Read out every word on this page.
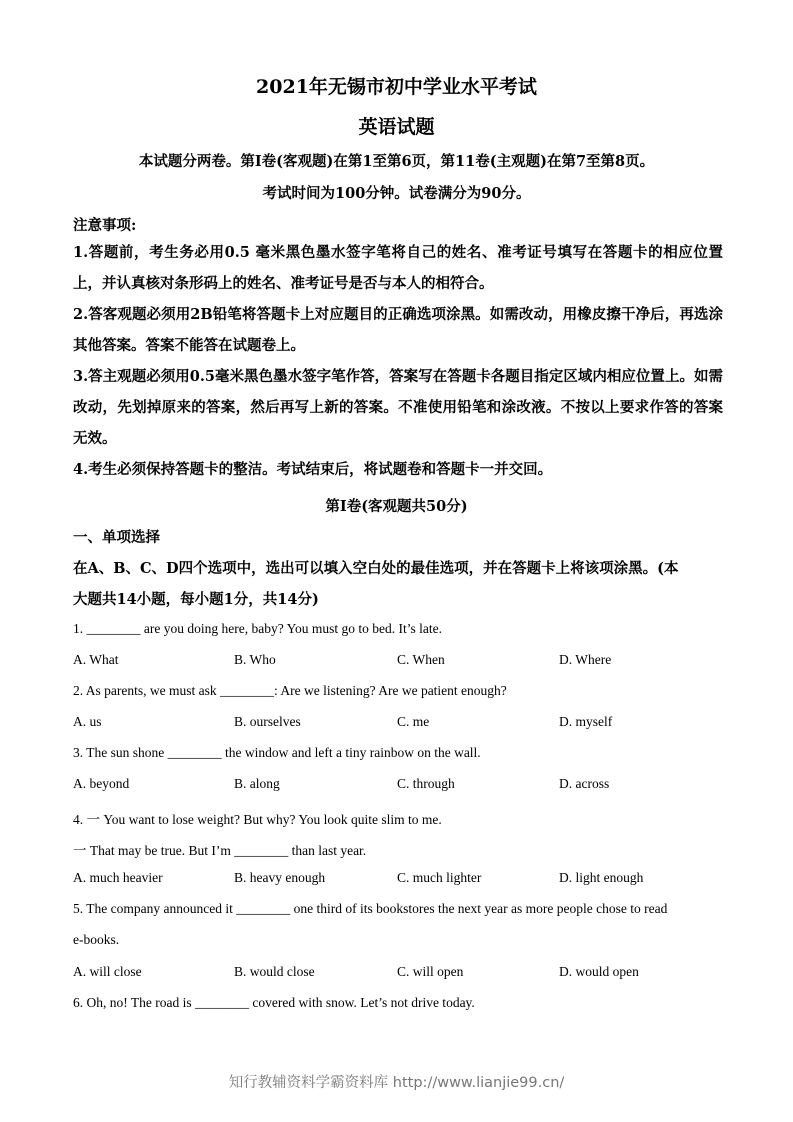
2021年无锡市初中学业水平考试
英语试题
本试题分两卷。第I卷(客观题)在第1至第6页，第11卷(主观题)在第7至第8页。
考试时间为100分钟。试卷满分为90分。
注意事项:

1.答题前，考生务必用0.5 毫米黑色墨水签字笔将自己的姓名、准考证号填写在答题卡的相应位置上，并认真核对条形码上的姓名、准考证号是否与本人的相符合。

2.答客观题必须用2B铅笔将答题卡上对应题目的正确选项涂黑。如需改动，用橡皮擦干净后，再选涂其他答案。答案不能答在试题卷上。

3.答主观题必须用0.5毫米黑色墨水签字笔作答，答案写在答题卡各题目指定区域内相应位置上。如需改动，先划掉原来的答案，然后再写上新的答案。不准使用铅笔和涂改液。不按以上要求作答的答案无效。

4.考生必须保持答题卡的整洁。考试结束后，将试题卷和答题卡一并交回。

第I卷(客观题共50分)
一、单项选择
在A、B、C、D四个选项中，选出可以填入空白处的最佳选项，并在答题卡上将该项涂黑。(本
大题共14小题，每小题1分，共14分)
1. ________ are you doing here, baby? You must go to bed. It’s late.
A. What	B. Who	C. When	D. Where
2. As parents, we must ask ________: Are we listening? Are we patient enough?
A. us	B. ourselves	C. me	D. myself
3. The sun shone ________ the window and left a tiny rainbow on the wall.
A. beyond	B. along	C. through	D. across
4. 一 You want to lose weight? But why? You look quite slim to me.
一 That may be true. But I’m ________ than last year.
A. much heavier	B. heavy enough	C. much lighter	D. light enough
5. The company announced it ________ one third of its bookstores the next year as more people chose to read
e-books.
A. will close	B. would close	C. will open	D. would open
6. Oh, no! The road is ________ covered with snow. Let’s not drive today.
知行教辅资料学霸资料库 http://www.lianjie99.cn/
